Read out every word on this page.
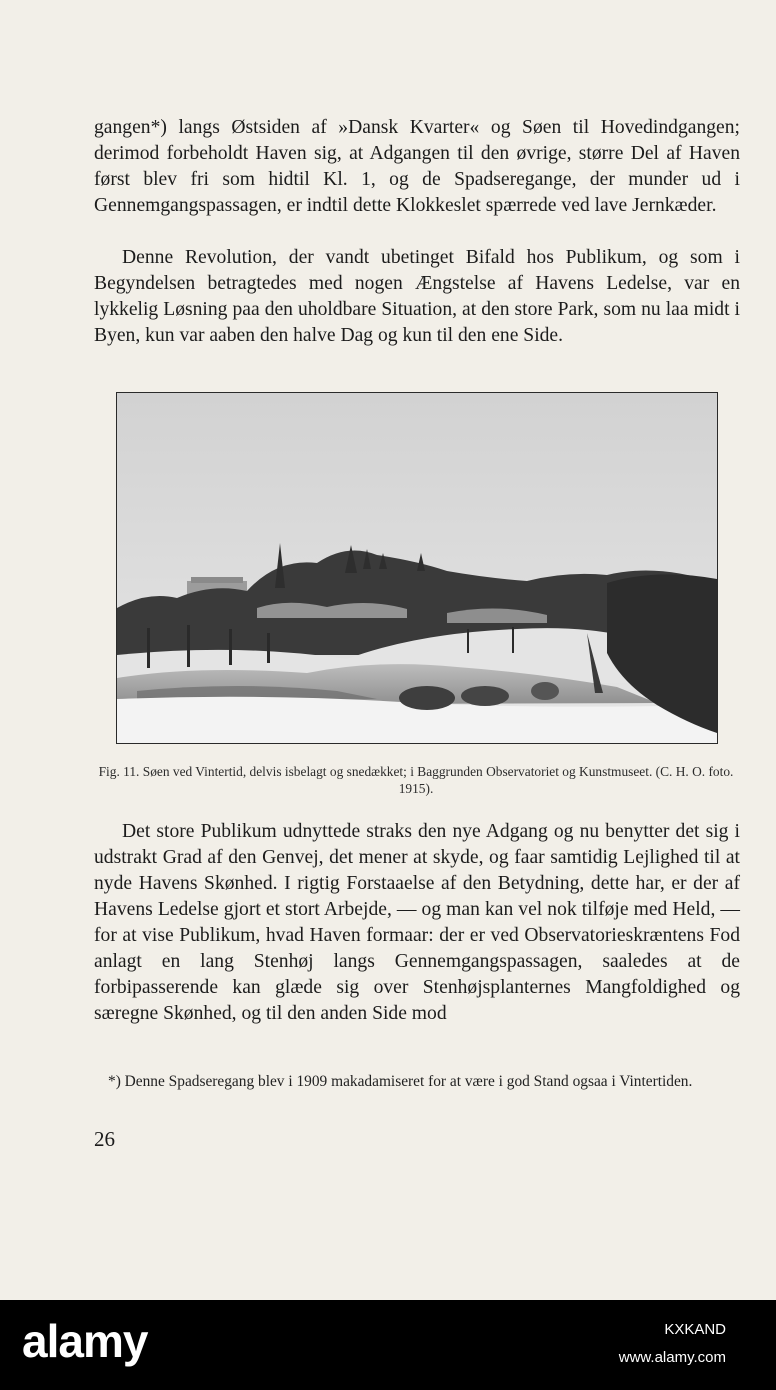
gangen*) langs Østsiden af »Dansk Kvarter« og Søen til Hovedindgangen; derimod forbeholdt Haven sig, at Adgangen til den øvrige, større Del af Haven først blev fri som hidtil Kl. 1, og de Spadseregange, der munder ud i Gennemgangspassagen, er indtil dette Klokkeslet spærrede ved lave Jernkæder.

Denne Revolution, der vandt ubetinget Bifald hos Publikum, og som i Begyndelsen betragtedes med nogen Ængstelse af Havens Ledelse, var en lykkelig Løsning paa den uholdbare Situation, at den store Park, som nu laa midt i Byen, kun var aaben den halve Dag og kun til den ene Side.

Fig. 11. Søen ved Vintertid, delvis isbelagt og snedækket; i Baggrunden Observatoriet og Kunstmuseet. (C. H. O. foto. 1915).

Det store Publikum udnyttede straks den nye Adgang og nu benytter det sig i udstrakt Grad af den Genvej, det mener at skyde, og faar samtidig Lejlighed til at nyde Havens Skønhed. I rigtig Forstaaelse af den Betydning, dette har, er der af Havens Ledelse gjort et stort Arbejde, — og man kan vel nok tilføje med Held, — for at vise Publikum, hvad Haven formaar: der er ved Observatorieskræntens Fod anlagt en lang Stenhøj langs Gennemgangspassagen, saaledes at de forbipasserende kan glæde sig over Stenhøjsplanternes Mangfoldighed og særegne Skønhed, og til den anden Side mod

*) Denne Spadseregang blev i 1909 makadamiseret for at være i god Stand ogsaa i Vintertiden.

26

alamy	KXKAND
www.alamy.com
